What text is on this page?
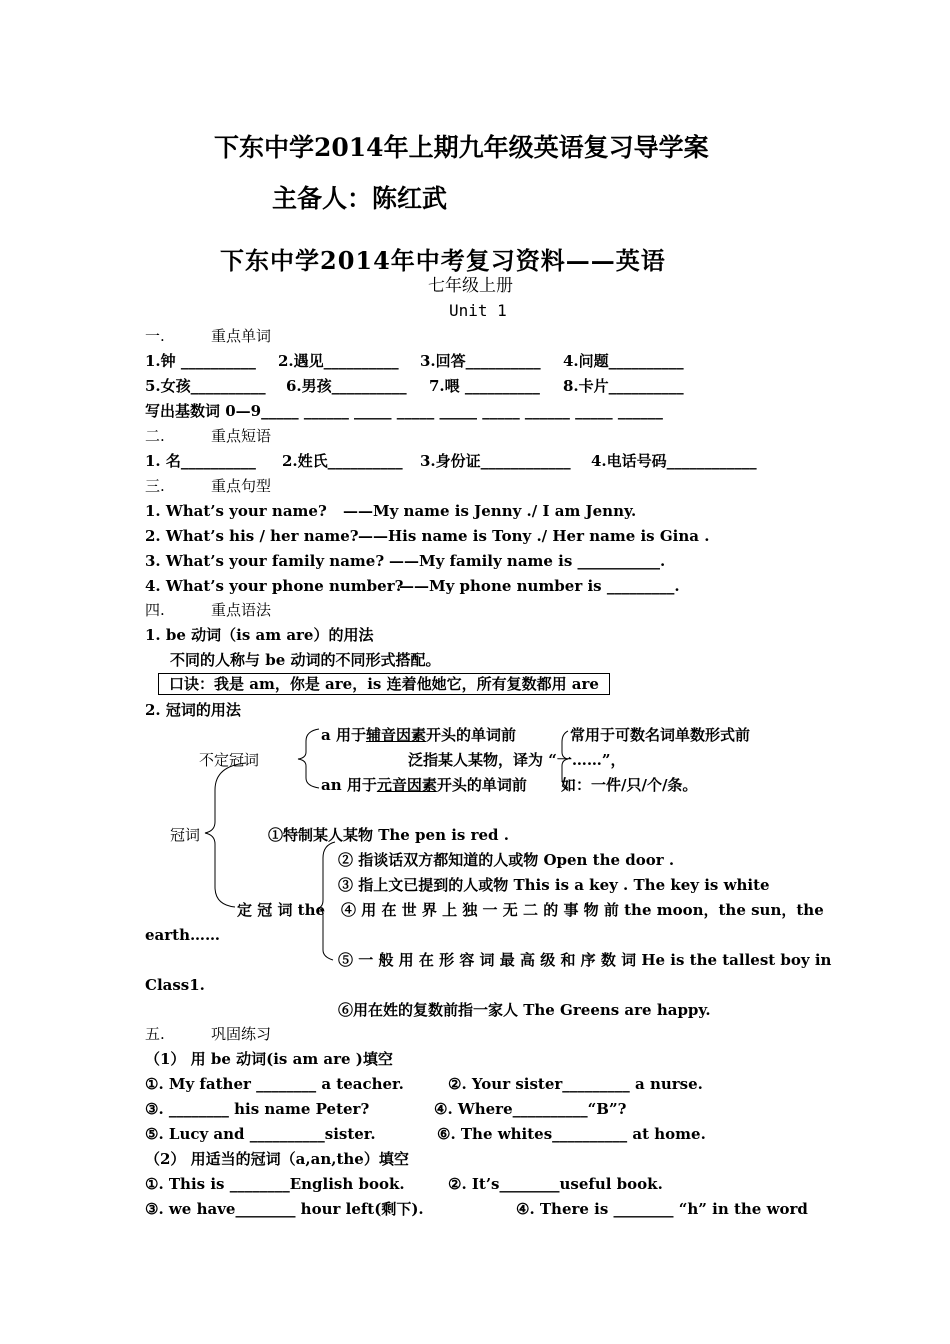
下东中学2014年上期九年级英语复习导学案
主备人：陈红武
下东中学2014年中考复习资料——英语
七年级上册
Unit 1
一.	重点单词
1.钟 __________ 2.遇见__________ 3.回答__________ 4.问题__________
5.女孩__________ 6.男孩__________ 7.喂 __________ 8.卡片__________
写出基数词 0—9_____ ______ _____ _____ _____ _____ ______ _____ ______
二.	重点短语
1. 名__________ 2.姓氏__________ 3.身份证____________ 4.电话号码____________
三.	重点句型
1. What’s your name? ——My name is Jenny ./ I am Jenny.
2. What’s his / her name? ——His name is Tony ./ Her name is Gina .
3. What’s your family name? ——My family name is ___________.
4. What’s your phone number?
——My phone number is _________.
四.	重点语法
1. be 动词（is am are）的用法
不同的人称与 be 动词的不同形式搭配。
口诀：我是 am，你是 are，is 连着他她它，所有复数都用 are
2. 冠词的用法
不定冠词
a 用于辅音因素开头的单词前
an 用于元音因素开头的单词前
常用于可数名词单数形式前
泛指某人某物，译为 “一……”，
如：一件/只/个/条。
冠词	①特制某人某物 The pen is red .
② 指谈话双方都知道的人或物 Open the door .
③ 指上文已提到的人或物 This is a key . The key is white
定 冠 词 the ④ 用 在 世 界 上 独 一 无 二 的 事 物 前 the moon，the sun，the
earth……
⑤ 一 般 用 在 形 容 词 最 高 级 和 序 数 词 He is the tallest boy in
Class1.
⑥用在姓的复数前指一家人 The Greens are happy.
五.	巩固练习
（1） 用 be 动词(is am are )填空
①. My father ________ a teacher.	②. Your sister_________ a nurse.
③. ________ his name Peter?	④. Where__________“B”?
⑤. Lucy and __________sister.	⑥. The whites__________ at home.
（2） 用适当的冠词（a,an,the）填空
①. This is ________English book.	②. It’s________useful book.
③. we have________ hour left(剩下).	④. There is ________ “h” in the word
